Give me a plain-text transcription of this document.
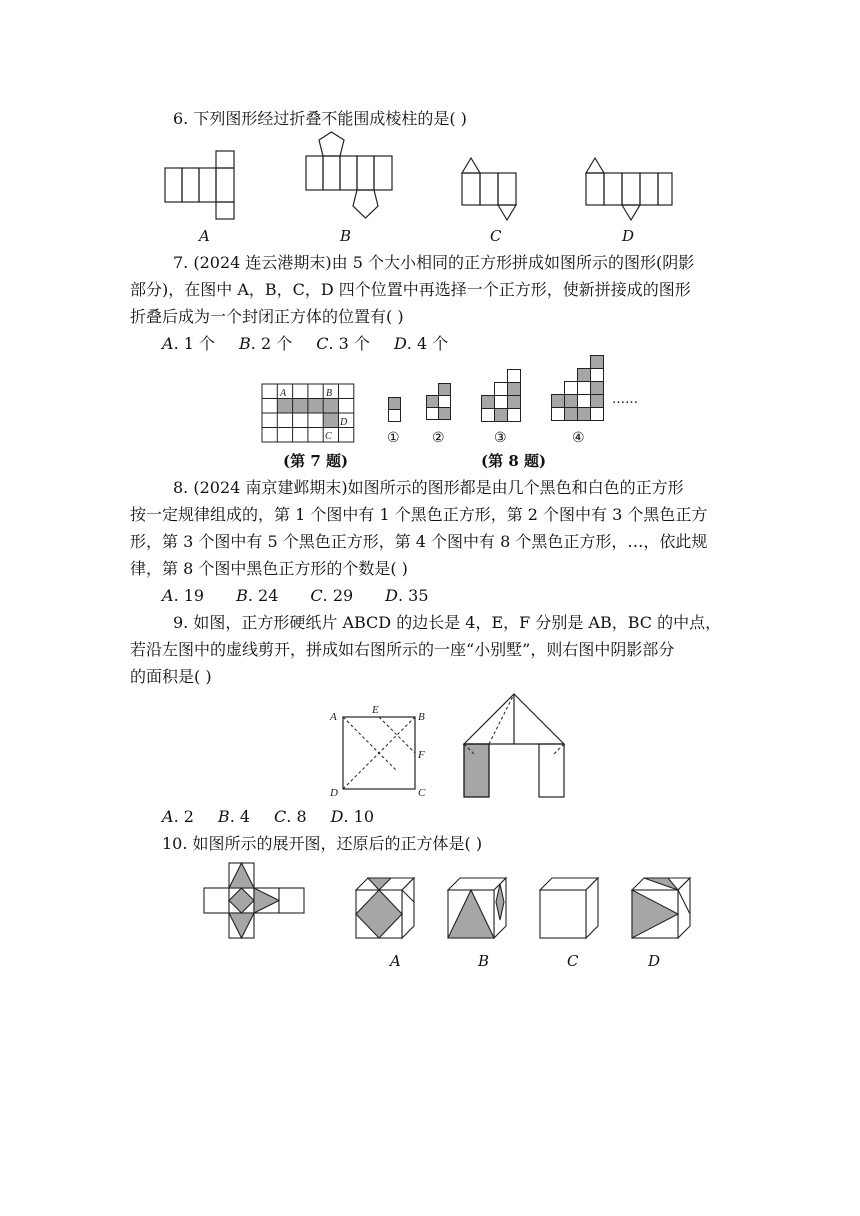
6. 下列图形经过折叠不能围成棱柱的是( )
A	B	C	D
7. (2024 连云港期末)由 5 个大小相同的正方形拼成如图所示的图形(阴影
部分)，在图中 A，B，C，D 四个位置中再选择一个正方形，使新拼接成的图形
折叠后成为一个封闭正方体的位置有( )
A. 1 个   B. 2 个   C. 3 个   D. 4 个
A	B
D
C
……
① ②	③	④
(第 7 题)	(第 8 题)
8. (2024 南京建邺期末)如图所示的图形都是由几个黑色和白色的正方形
按一定规律组成的，第 1 个图中有 1 个黑色正方形，第 2 个图中有 3 个黑色正方
形，第 3 个图中有 5 个黑色正方形，第 4 个图中有 8 个黑色正方形，…，依此规
律，第 8 个图中黑色正方形的个数是( )
A. 19   B. 24   C. 29   D. 35
9. 如图，正方形硬纸片 ABCD 的边长是 4，E，F 分别是 AB，BC 的中点，
若沿左图中的虚线剪开，拼成如右图所示的一座“小别墅”，则右图中阴影部分
的面积是( )
A
E
B
F
D	C
A. 2   B. 4   C. 8   D. 10
10. 如图所示的展开图，还原后的正方体是( )
A	B	C	D
